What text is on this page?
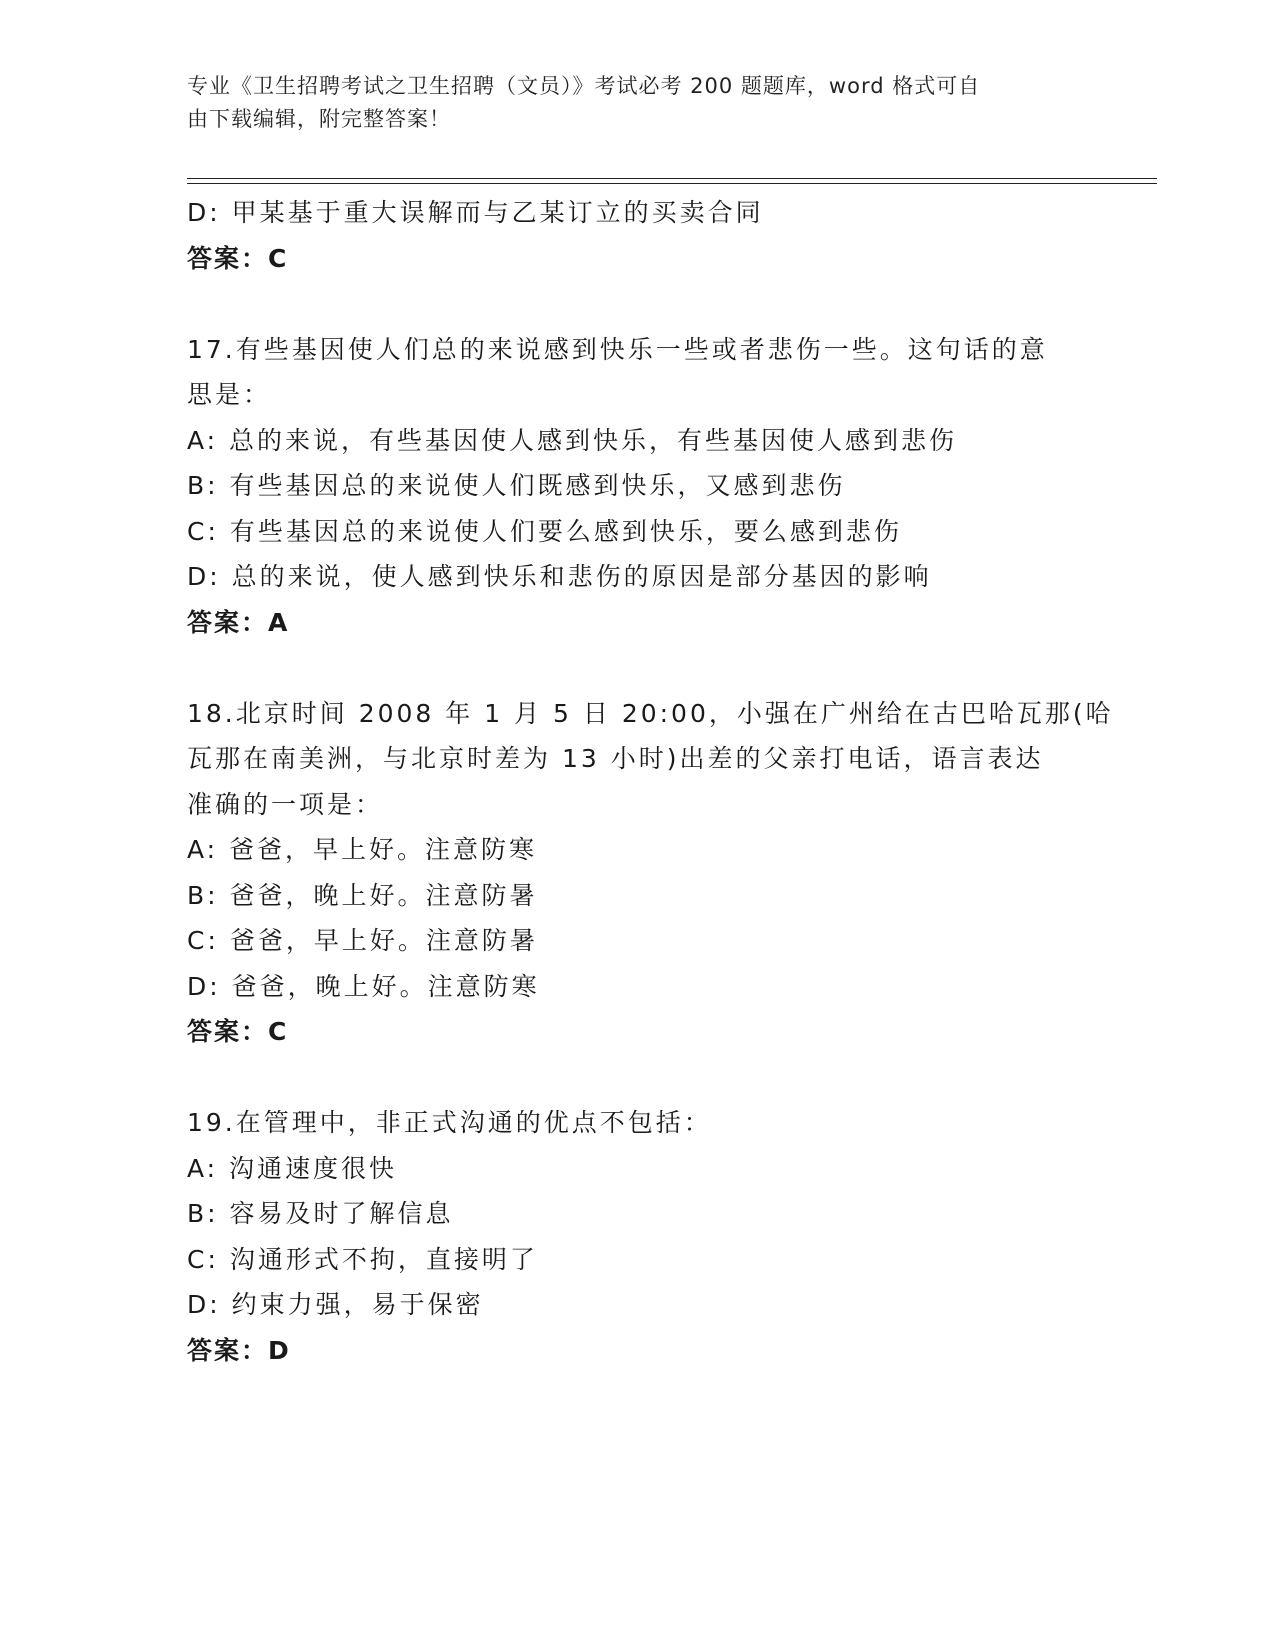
专业《卫生招聘考试之卫生招聘（文员）》考试必考 200 题题库，word 格式可自
由下载编辑，附完整答案！
D: 甲某基于重大误解而与乙某订立的买卖合同
答案：C
17.有些基因使人们总的来说感到快乐一些或者悲伤一些。这句话的意
思是：
A: 总的来说，有些基因使人感到快乐，有些基因使人感到悲伤
B: 有些基因总的来说使人们既感到快乐，又感到悲伤
C: 有些基因总的来说使人们要么感到快乐，要么感到悲伤
D: 总的来说，使人感到快乐和悲伤的原因是部分基因的影响
答案：A
18.北京时间 2008 年 1 月 5 日 20:00，小强在广州给在古巴哈瓦那(哈
瓦那在南美洲，与北京时差为 13 小时)出差的父亲打电话，语言表达
准确的一项是：
A: 爸爸，早上好。注意防寒
B: 爸爸，晚上好。注意防暑
C: 爸爸，早上好。注意防暑
D: 爸爸，晚上好。注意防寒
答案：C
19.在管理中，非正式沟通的优点不包括：
A: 沟通速度很快
B: 容易及时了解信息
C: 沟通形式不拘，直接明了
D: 约束力强，易于保密
答案：D
